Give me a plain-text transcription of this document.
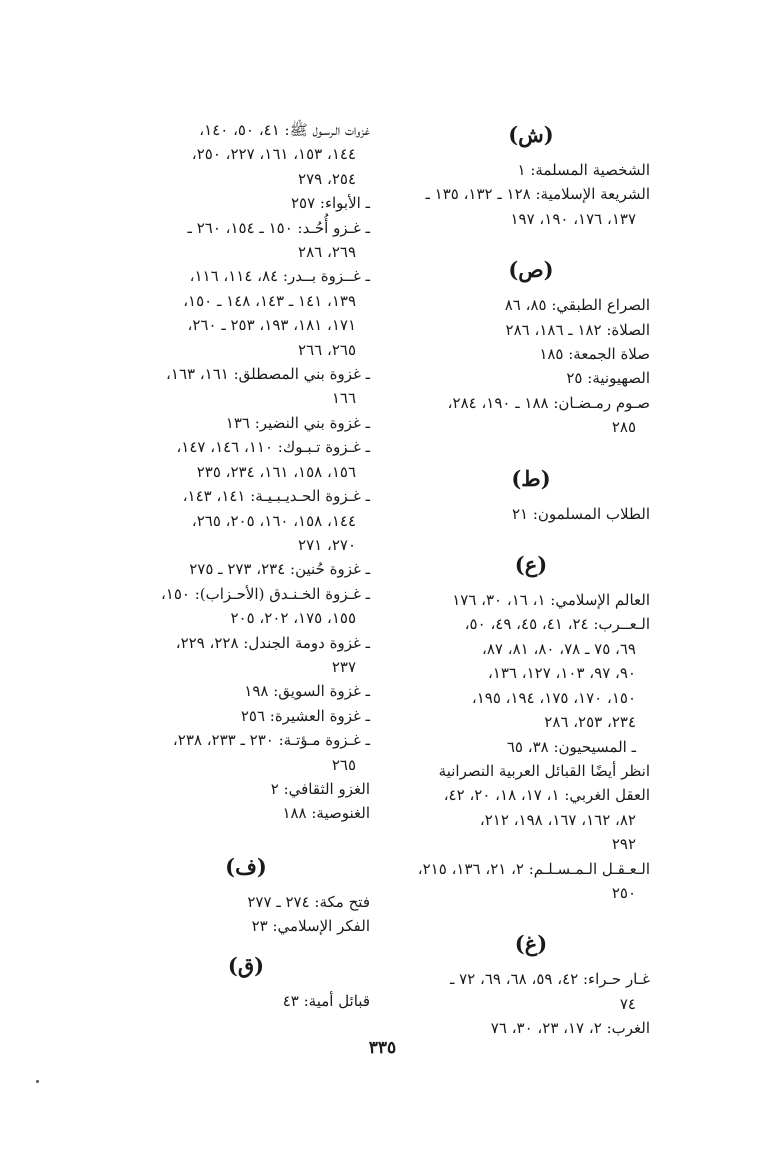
(ش)
الشخصية المسلمة: ١
الشريعة الإسلامية: ١٢٨ ـ ١٣٢، ١٣٥ ـ
١٣٧، ١٧٦، ١٩٠، ١٩٧
(ص)
الصراع الطبقي: ٨٥، ٨٦
الصلاة: ١٨٢ ـ ١٨٦، ٢٨٦
صلاة الجمعة: ١٨٥
الصهيونية: ٢٥
صـوم رمـضـان: ١٨٨ ـ ١٩٠، ٢٨٤،
٢٨٥
(ط)
الطلاب المسلمون: ٢١
(ع)
العالم الإسلامي: ١، ١٦، ٣٠، ١٧٦
الـعــرب: ٢٤، ٤١، ٤٥، ٤٩، ٥٠،
٦٩، ٧٥ ـ ٧٨، ٨٠، ٨١، ٨٧،
٩٠، ٩٧، ١٠٣، ١٢٧، ١٣٦،
١٥٠، ١٧٠، ١٧٥، ١٩٤، ١٩٥،
٢٣٤، ٢٥٣، ٢٨٦
ـ المسيحيون: ٣٨، ٦٥
انظر أيضًا القبائل العربية النصرانية
العقل الغربي: ١، ١٧، ١٨، ٢٠، ٤٢،
٨٢، ١٦٢، ١٦٧، ١٩٨، ٢١٢،
٢٩٢
الـعـقـل الـمـسـلـم: ٢، ٢١، ١٣٦، ٢١٥،
٢٥٠
(غ)
غـار حـراء: ٤٢، ٥٩، ٦٨، ٦٩، ٧٢ ـ
٧٤
الغرب: ٢، ١٧، ٢٣، ٣٠، ٧٦
غزوات الـرسـول ﷺ: ٤١، ٥٠، ١٤٠،
١٤٤، ١٥٣، ١٦١، ٢٢٧، ٢٥٠،
٢٥٤، ٢٧٩
ـ الأبواء: ٢٥٧
ـ غـزو أُحُـد: ١٥٠ ـ ١٥٤، ٢٦٠ ـ
٢٦٩، ٢٨٦
ـ غــزوة بــدر: ٨٤، ١١٤، ١١٦،
١٣٩، ١٤١ ـ ١٤٣، ١٤٨ ـ ١٥٠،
١٧١، ١٨١، ١٩٣، ٢٥٣ ـ ٢٦٠،
٢٦٥، ٢٦٦
ـ غزوة بني المصطلق: ١٦١، ١٦٣،
١٦٦
ـ غزوة بني النضير: ١٣٦
ـ غـزوة تـبـوك: ١١٠، ١٤٦، ١٤٧،
١٥٦، ١٥٨، ١٦١، ٢٣٤، ٢٣٥
ـ غـزوة الحـديـبـيـة: ١٤١، ١٤٣،
١٤٤، ١٥٨، ١٦٠، ٢٠٥، ٢٦٥،
٢٧٠، ٢٧١
ـ غزوة حُنين: ٢٣٤، ٢٧٣ ـ ٢٧٥
ـ غـزوة الخـنـدق (الأحـزاب): ١٥٠،
١٥٥، ١٧٥، ٢٠٢، ٢٠٥
ـ غزوة دومة الجندل: ٢٢٨، ٢٢٩،
٢٣٧
ـ غزوة السويق: ١٩٨
ـ غزوة العشيرة: ٢٥٦
ـ غـزوة مـؤتـة: ٢٣٠ ـ ٢٣٣، ٢٣٨،
٢٦٥
الغزو الثقافي: ٢
الغنوصية: ١٨٨
(ف)
فتح مكة: ٢٧٤ ـ ٢٧٧
الفكر الإسلامي: ٢٣
(ق)
قبائل أمية: ٤٣
٣٣٥
